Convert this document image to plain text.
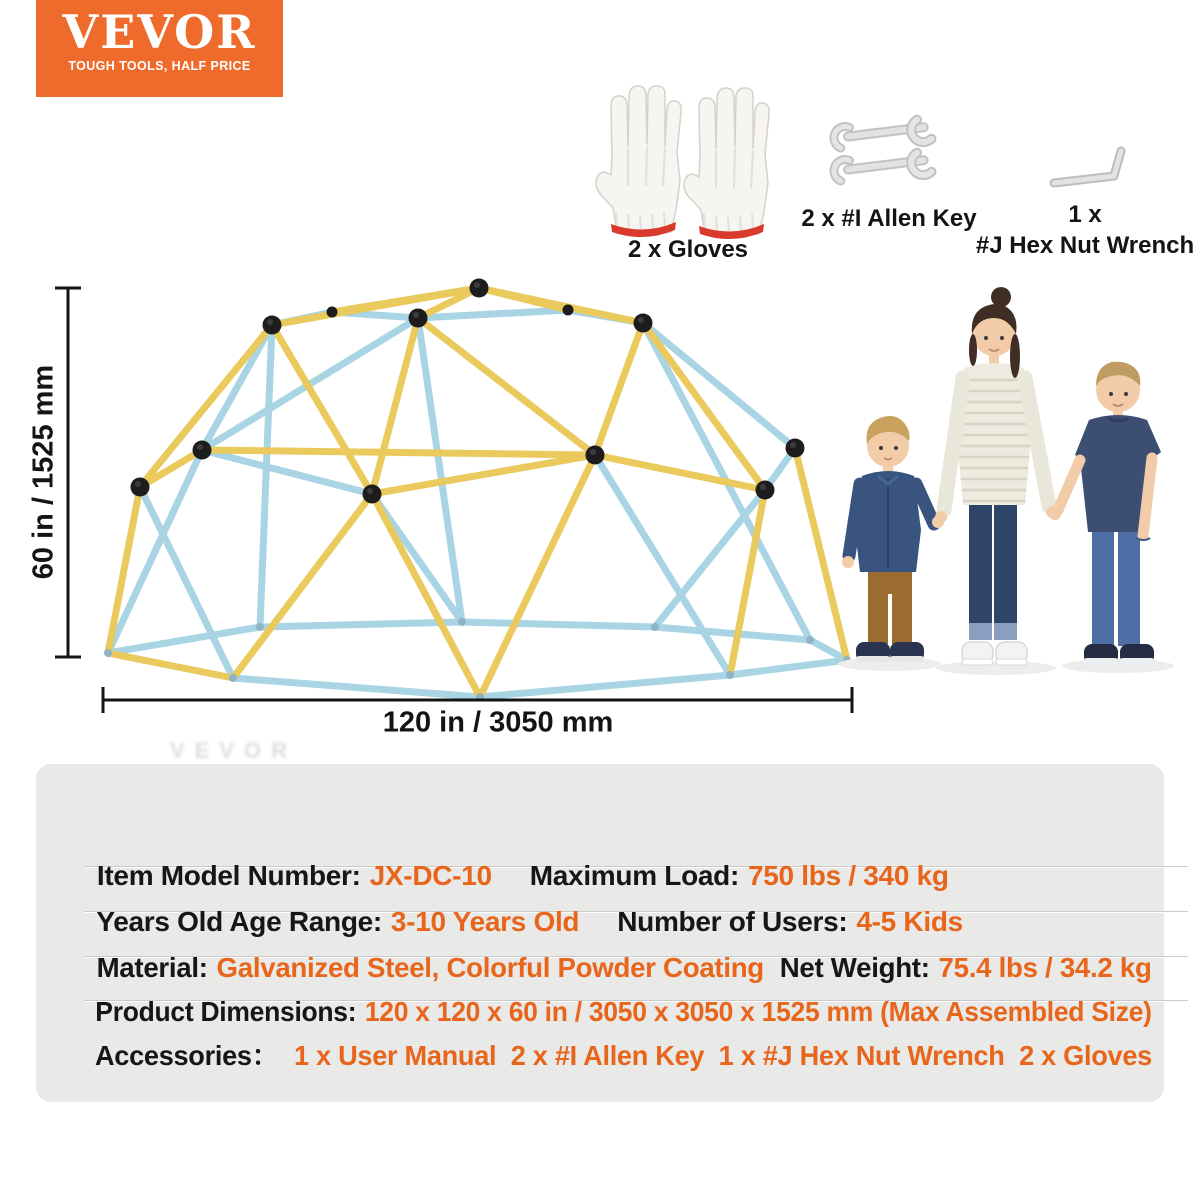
VEVOR
TOUGH TOOLS, HALF PRICE
2 x Gloves
2 x #I Allen Key	1 x
#J Hex Nut Wrench
60 in / 1525 mm
120 in / 3050 mm
VEVOR

Item Model Number: JX-DC-10 Maximum Load: 750 lbs / 340 kg

Years Old Age Range: 3-10 Years Old Number of Users: 4-5 Kids

Material: Galvanized Steel, Colorful Powder Coating Net Weight: 75.4 lbs / 34.2 kg

Product Dimensions: 120 x 120 x 60 in / 3050 x 3050 x 1525 mm (Max Assembled Size)

Accessories： 1 x User Manual  2 x #I Allen Key  1 x #J Hex Nut Wrench  2 x Gloves
